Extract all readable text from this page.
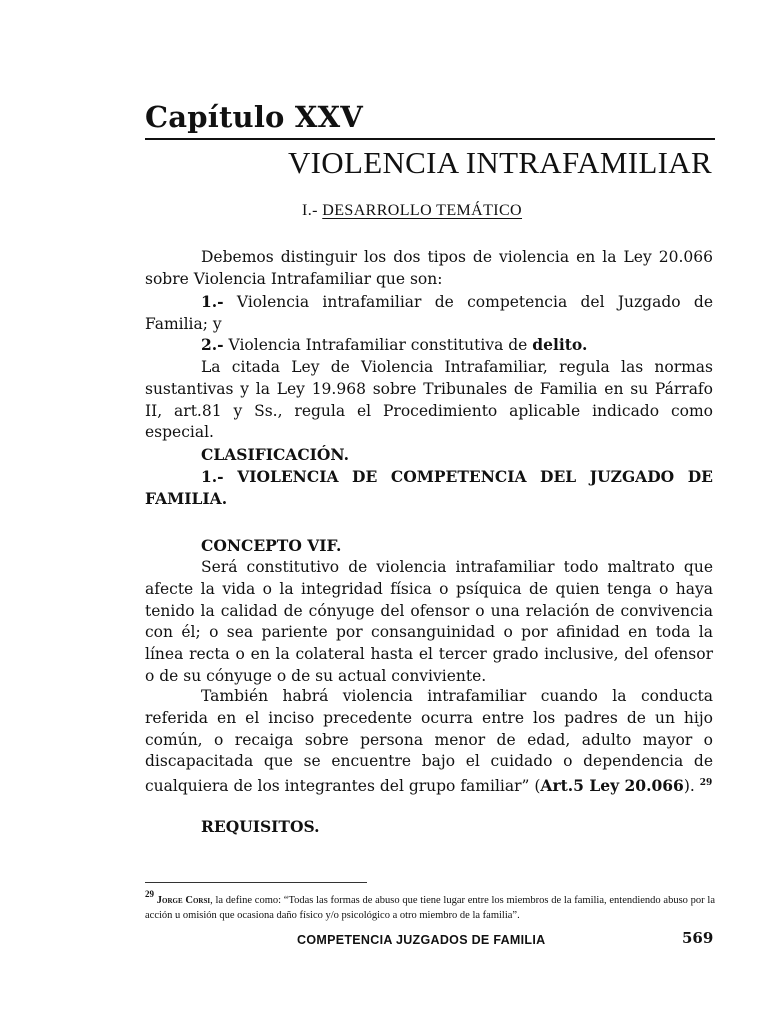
Capítulo XXV
VIOLENCIA INTRAFAMILIAR
I.- DESARROLLO TEMÁTICO
Debemos distinguir los dos tipos de violencia en la Ley 20.066 sobre Violencia Intrafamiliar que son:
1.- Violencia intrafamiliar de competencia del Juzgado de Familia; y
2.- Violencia Intrafamiliar constitutiva de delito.
La citada Ley de Violencia Intrafamiliar, regula las normas sustantivas y la Ley 19.968 sobre Tribunales de Familia en su Párrafo II, art.81 y Ss., regula el Procedimiento aplicable indicado como especial.
CLASIFICACIÓN.
1.- VIOLENCIA DE COMPETENCIA DEL JUZGADO DE FAMILIA.
CONCEPTO VIF.
Será constitutivo de violencia intrafamiliar todo maltrato que afecte la vida o la integridad física o psíquica de quien tenga o haya tenido la calidad de cónyuge del ofensor o una relación de convivencia con él; o sea pariente por consanguinidad o por afinidad en toda la línea recta o en la colateral hasta el tercer grado inclusive, del ofensor o de su cónyuge o de su actual conviviente.
También habrá violencia intrafamiliar cuando la conducta referida en el inciso precedente ocurra entre los padres de un hijo común, o recaiga sobre persona menor de edad, adulto mayor o discapacitada que se encuentre bajo el cuidado o dependencia de cualquiera de los integrantes del grupo familiar” (Art.5 Ley 20.066). $^{29}$
REQUISITOS.
$^{29}$ Jorge Corsi, la define como: “Todas las formas de abuso que tiene lugar entre los miembros de la familia, entendiendo abuso por la acción u omisión que ocasiona daño físico y/o psicológico a otro miembro de la familia”.
COMPETENCIA JUZGADOS DE FAMILIA	569
